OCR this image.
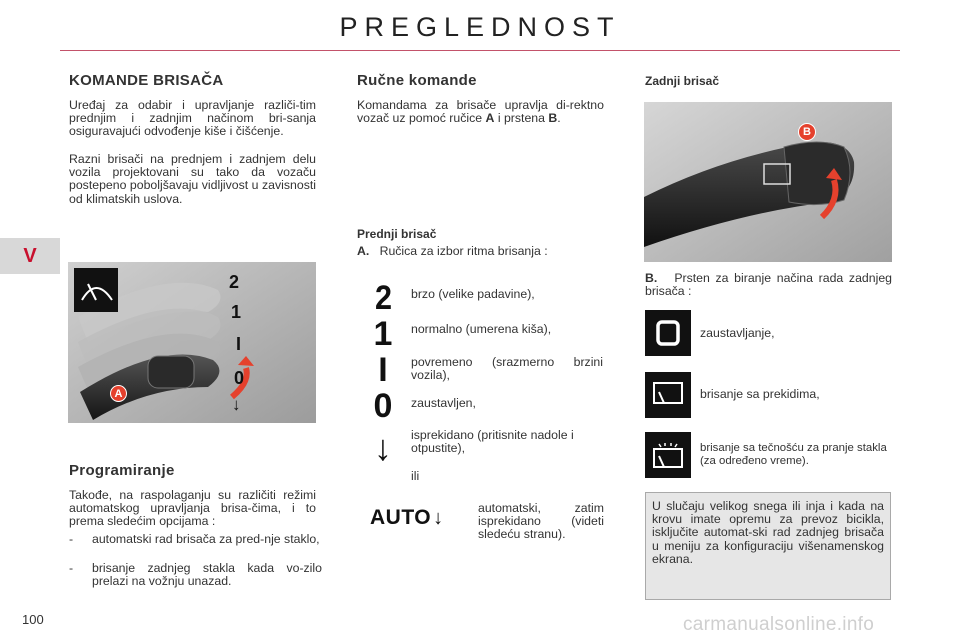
PREGLEDNOST
V
KOMANDE BRISAČA
Uređaj za odabir i upravljanje različi-tim prednjim i zadnjim načinom bri-sanja osiguravajući odvođenje kiše i čišćenje.
Razni brisači na prednjem i zadnjem delu vozila projektovani su tako da vozaču postepeno poboljšavaju vidljivost u zavisnosti od klimatskih uslova.
2
1
I
0
↓
A
Programiranje
Takođe, na raspolaganju su različiti režimi automatskog upravljanja brisa-čima, i to prema sledećim opcijama :
- automatski rad brisača za pred-nje staklo,
- brisanje zadnjeg stakla kada vo-zilo prelazi na vožnju unazad.
Ručne komande
Komandama za brisače upravlja di-rektno vozač uz pomoć ručice A i prstena B.
Prednji brisač
A. Ručica za izbor ritma brisanja :
2 brzo (velike padavine),
1 normalno (umerena kiša),
I povremeno (srazmerno brzini vozila),
0 zaustavljen,
↓ isprekidano (pritisnite nadole i otpustite),
ili
AUTO ↓	automatski, zatim isprekidano (videti sledeću stranu).
Zadnji brisač
B
B. Prsten za biranje načina rada zadnjeg brisača :
zaustavljanje,
brisanje sa prekidima,
brisanje sa tečnošću za pranje stakla (za određeno vreme).
U slučaju velikog snega ili inja i kada na krovu imate opremu za prevoz bicikla, isključite automat-ski rad zadnjeg brisača u meniju za konfiguraciju višenamenskog ekrana.
100	carmanualsonline.info
